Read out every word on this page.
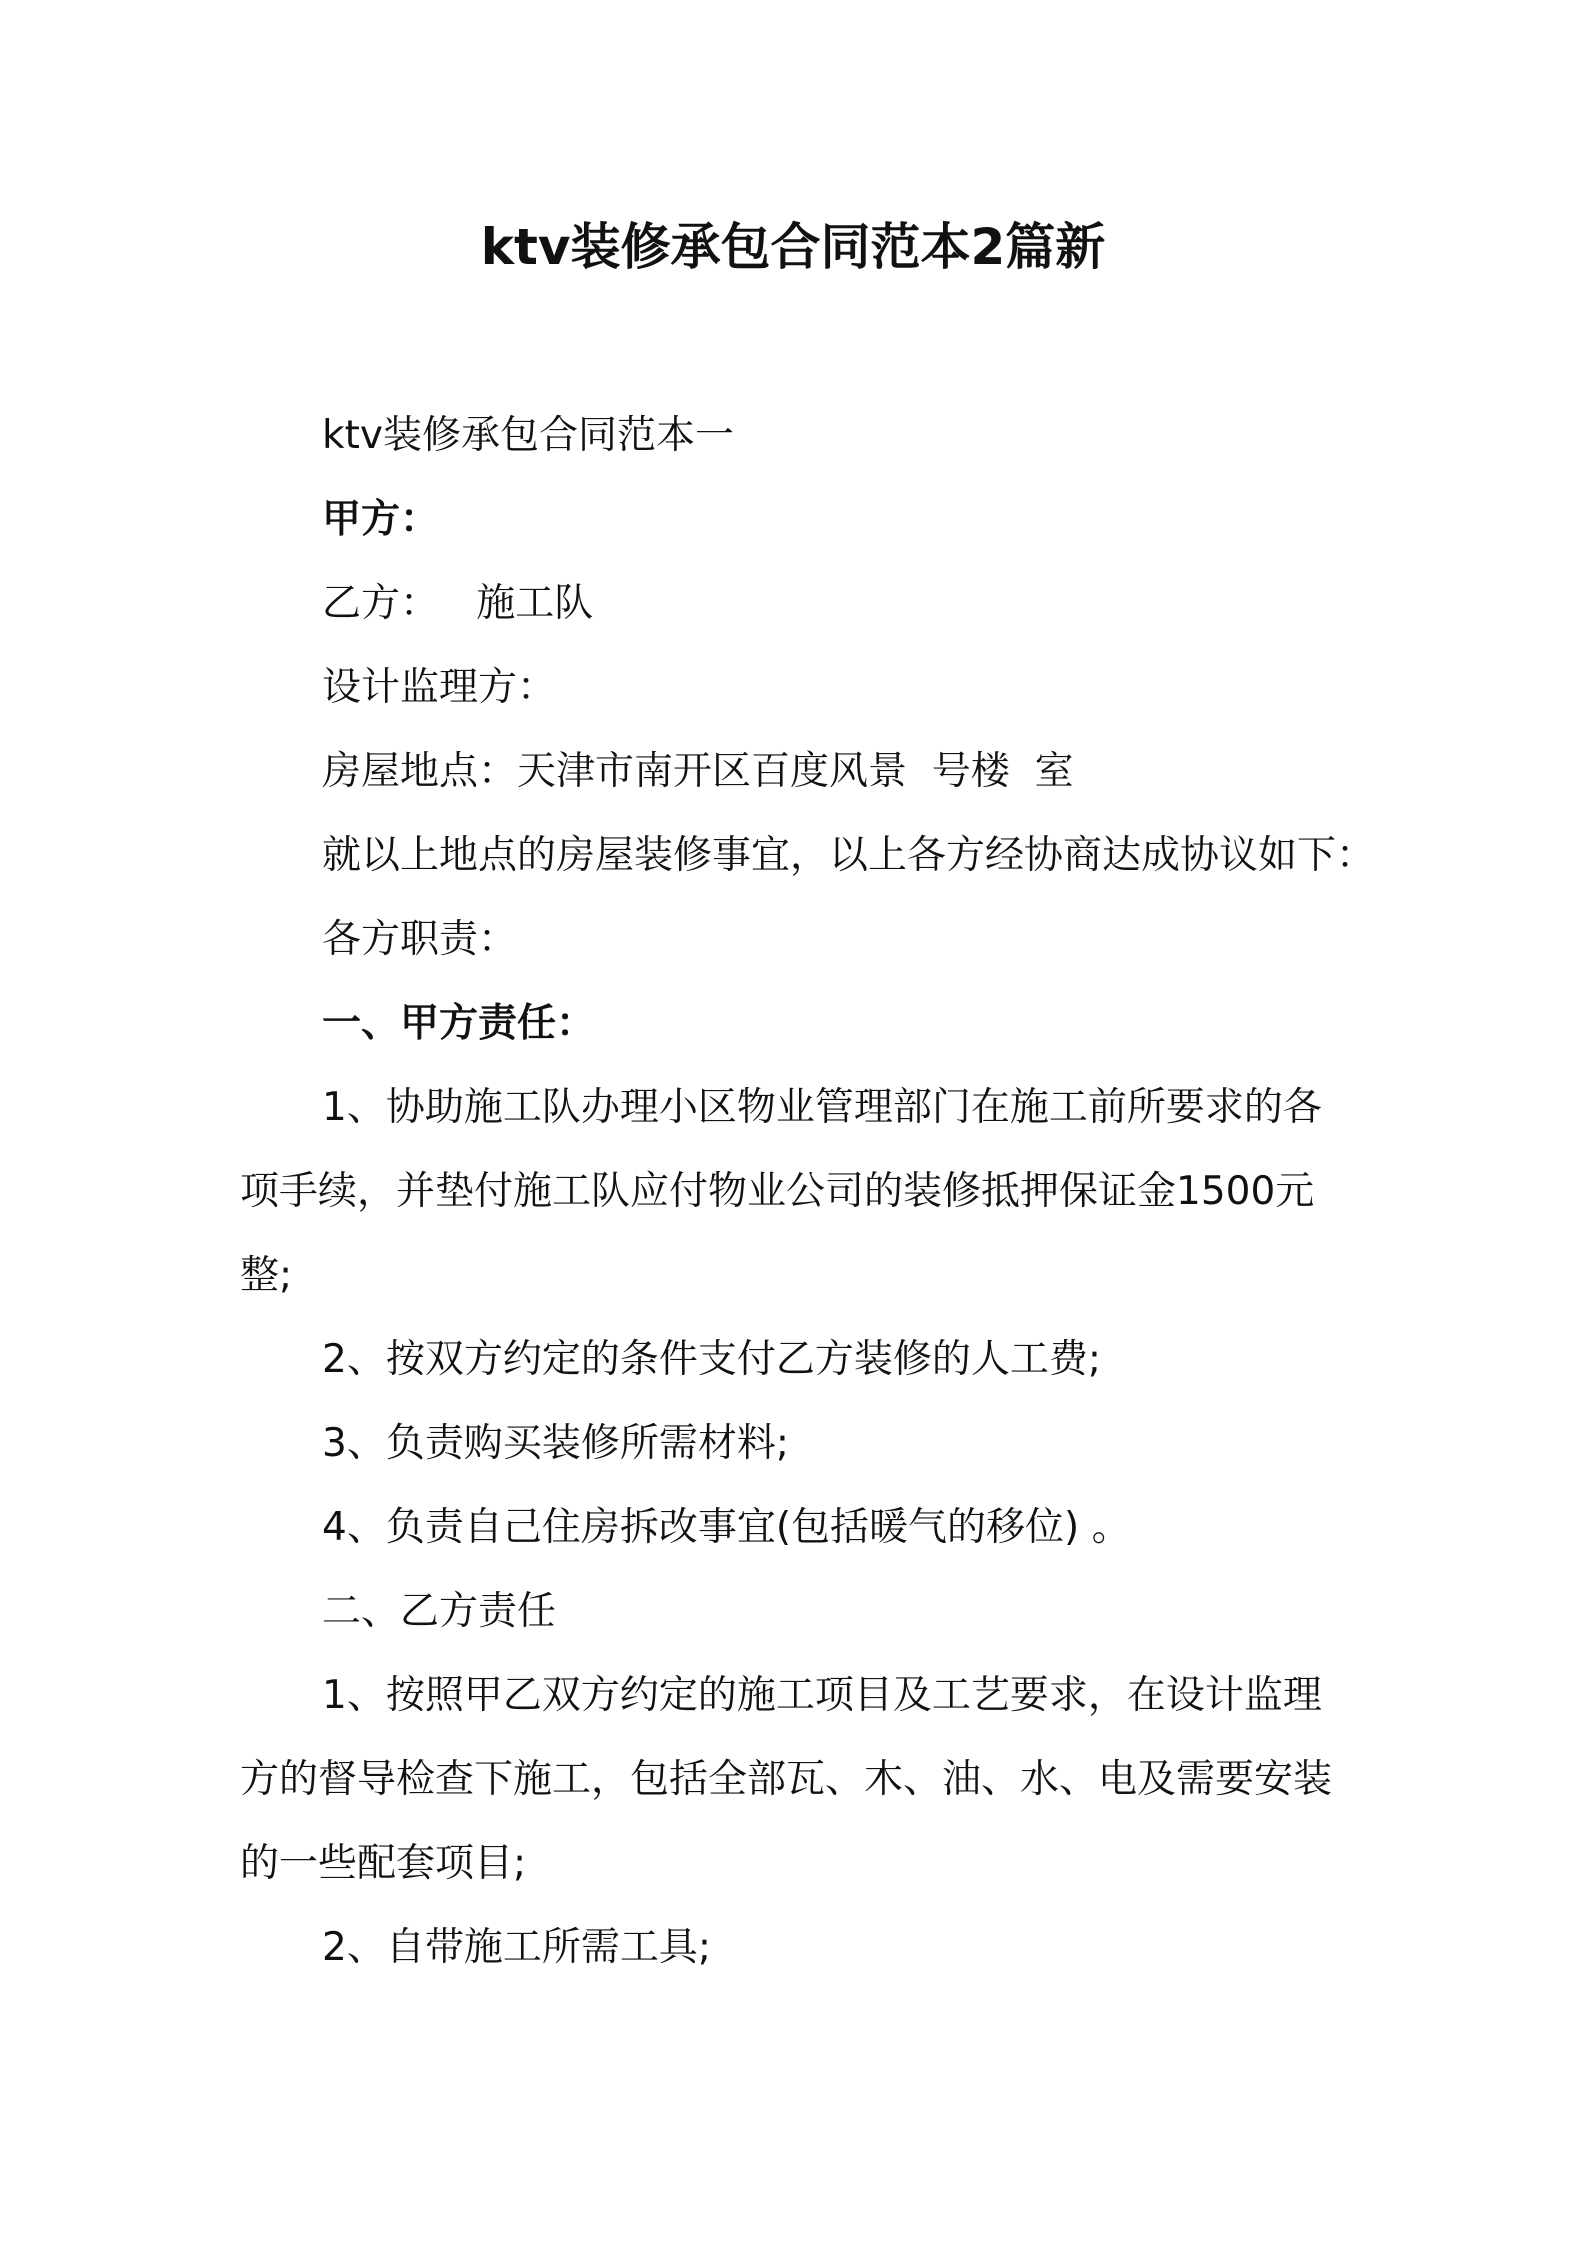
ktv装修承包合同范本2篇新
ktv装修承包合同范本一
甲方：
乙方：   施工队
设计监理方：
房屋地点：天津市南开区百度风景  号楼  室
就以上地点的房屋装修事宜，以上各方经协商达成协议如下：
各方职责：
一、甲方责任：
1、协助施工队办理小区物业管理部门在施工前所要求的各
项手续，并垫付施工队应付物业公司的装修抵押保证金1500元
整;
2、按双方约定的条件支付乙方装修的人工费;
3、负责购买装修所需材料;
4、负责自己住房拆改事宜(包括暖气的移位) 。
二、乙方责任
1、按照甲乙双方约定的施工项目及工艺要求，在设计监理
方的督导检查下施工，包括全部瓦、木、油、水、电及需要安装
的一些配套项目;
2、自带施工所需工具;
